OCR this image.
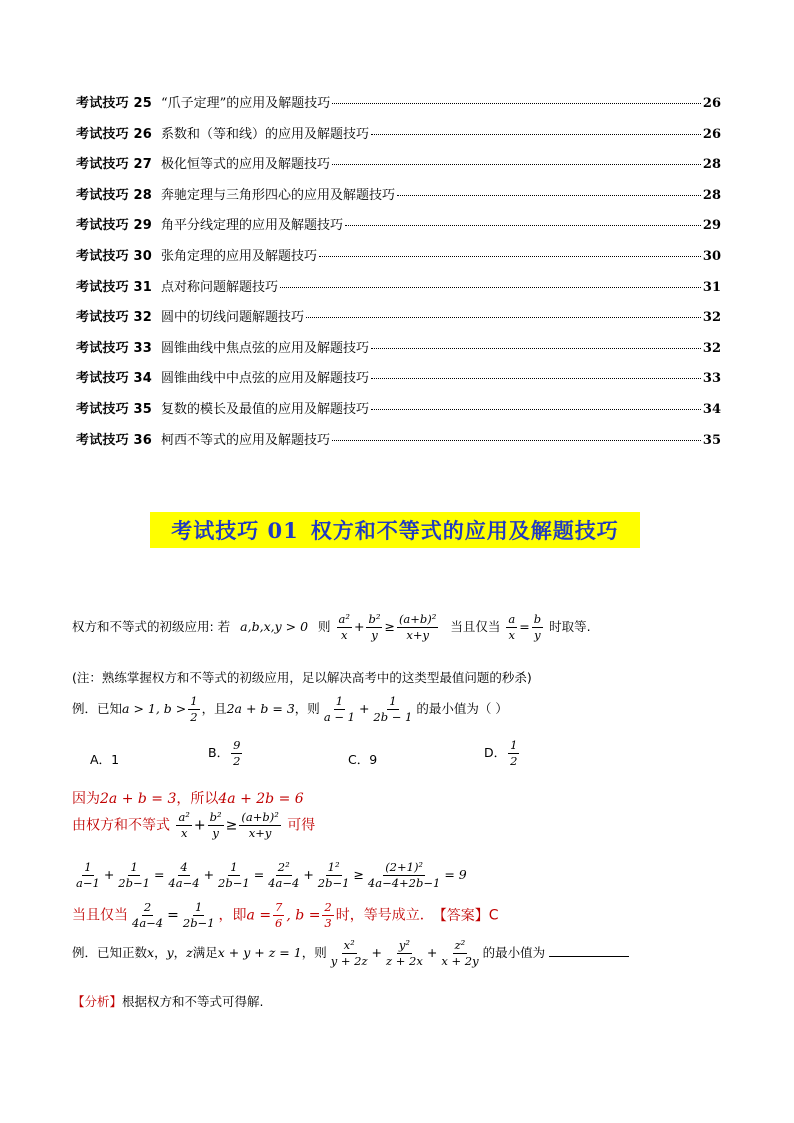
考试技巧 25 “爪子定理”的应用及解题技巧	26
考试技巧 26 系数和（等和线）的应用及解题技巧	26
考试技巧 27 极化恒等式的应用及解题技巧	28
考试技巧 28 奔驰定理与三角形四心的应用及解题技巧	28
考试技巧 29 角平分线定理的应用及解题技巧	29
考试技巧 30 张角定理的应用及解题技巧	30
考试技巧 31 点对称问题解题技巧	31
考试技巧 32 圆中的切线问题解题技巧	32
考试技巧 33 圆锥曲线中焦点弦的应用及解题技巧	32
考试技巧 34 圆锥曲线中中点弦的应用及解题技巧	33
考试技巧 35 复数的模长及最值的应用及解题技巧	34
考试技巧 36 柯西不等式的应用及解题技巧	35
考试技巧 01 权方和不等式的应用及解题技巧
权方和不等式的初级应用: 若 a,b,x,y > 0 则 $\frac{\text{a²}}{x} + \frac{\text{b²}}{y} \ge \frac{\text{(a+b)²}}{x+y}$ 当且仅当 $\frac{a}{x} = \frac{b}{y}$ 时取等.
(注：熟练掌握权方和不等式的初级应用，足以解决高考中的这类型最值问题的秒杀)
例．已知a > 1, $b > \frac{1}{2}$ ，且2a + b = 3，则 $\frac{1}{a - 1} + \frac{1}{2b - 1}$ 的最小值为（ ）
A．1	B． $\frac{9}{2}$	C．9	D． $\frac{1}{2}$
因为2a + b = 3，所以4a + 2b = 6
由权方和不等式 $\frac{\text{a²}}{x} + \frac{\text{b²}}{y} \ge \frac{\text{(a+b)²}}{x+y}$ 可得
$\frac{1}{a-1} + \frac{1}{2b-1} = \frac{4}{4a-4} + \frac{1}{2b-1} = \frac{\text{2²}}{4a-4} + \frac{\text{1²}}{2b-1} \ge \frac{\text{(2+1)²}}{4a-4+2b-1} = 9$
当且仅当 $\frac{2}{4a-4} = \frac{1}{2b-1}$ ，即$a = \frac{7}{6}$ , $b = \frac{2}{3}$ 时，等号成立． 【答案】C
例．已知正数x，y，z满足x + y + z = 1，则 $\frac{\text{x²}}{y + 2z} + \frac{\text{y²}}{z + 2x} + \frac{\text{z²}}{x + 2y}$ 的最小值为
【分析】根据权方和不等式可得解.
